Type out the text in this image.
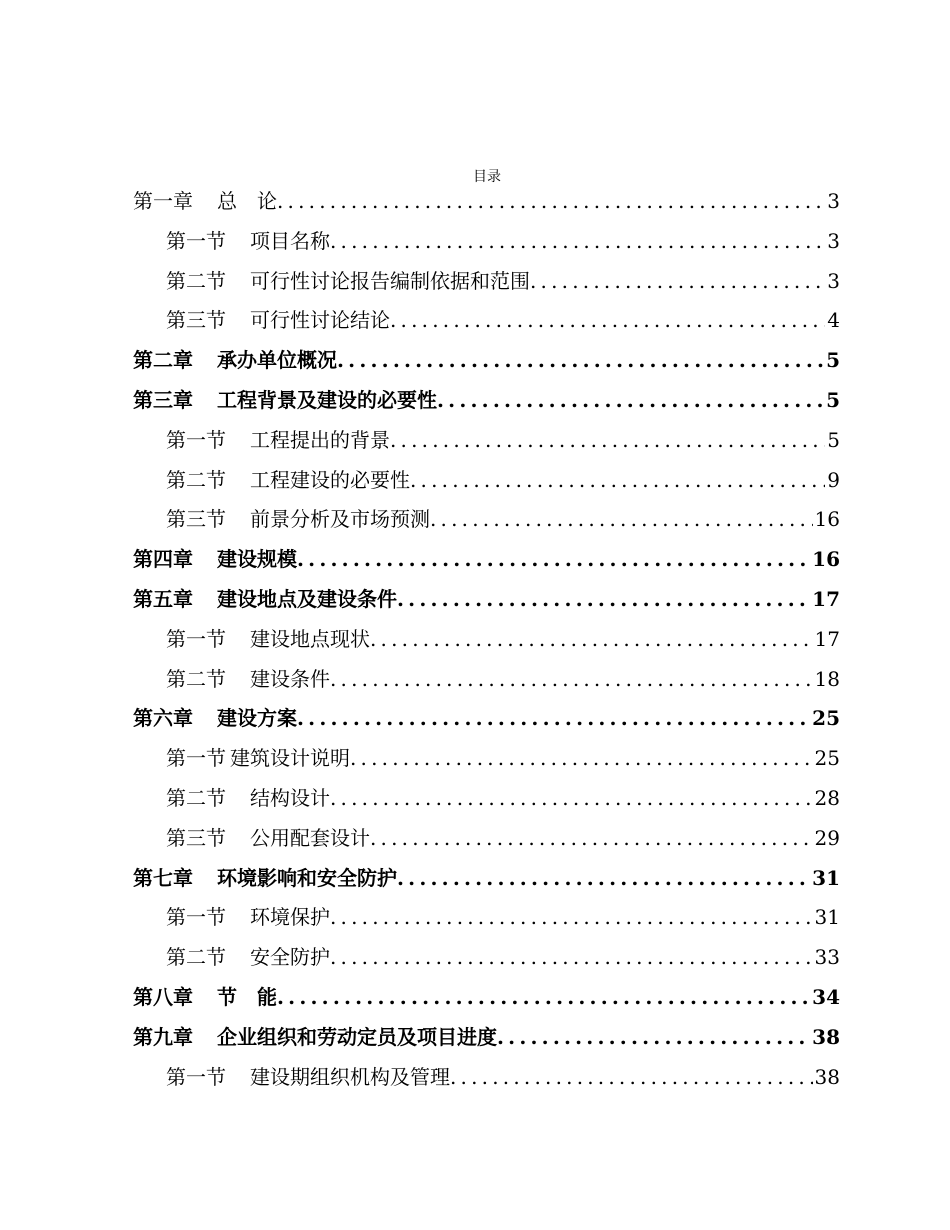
目录
第一章 总　论 .....	3
第一节 项目名称 .....	3
第二节 可行性讨论报告编制依据和范围 .....	3
第三节 可行性讨论结论 .....	4
第二章 承办单位概况 .....	5
第三章 工程背景及建设的必要性 .....	5
第一节 工程提出的背景 .....	5
第二节 工程建设的必要性 .....	9
第三节 前景分析及市场预测 .....	16
第四章 建设规模 .....	16
第五章 建设地点及建设条件 .....	17
第一节 建设地点现状 .....	17
第二节 建设条件 .....	18
第六章 建设方案 .....	25
第一节 建筑设计说明 .....	25
第二节 结构设计 .....	28
第三节 公用配套设计 .....	29
第七章 环境影响和安全防护 .....	31
第一节 环境保护 .....	31
第二节 安全防护 .....	33
第八章 节　能 .....	34
第九章 企业组织和劳动定员及项目进度 .....	38
第一节 建设期组织机构及管理 .....	38
